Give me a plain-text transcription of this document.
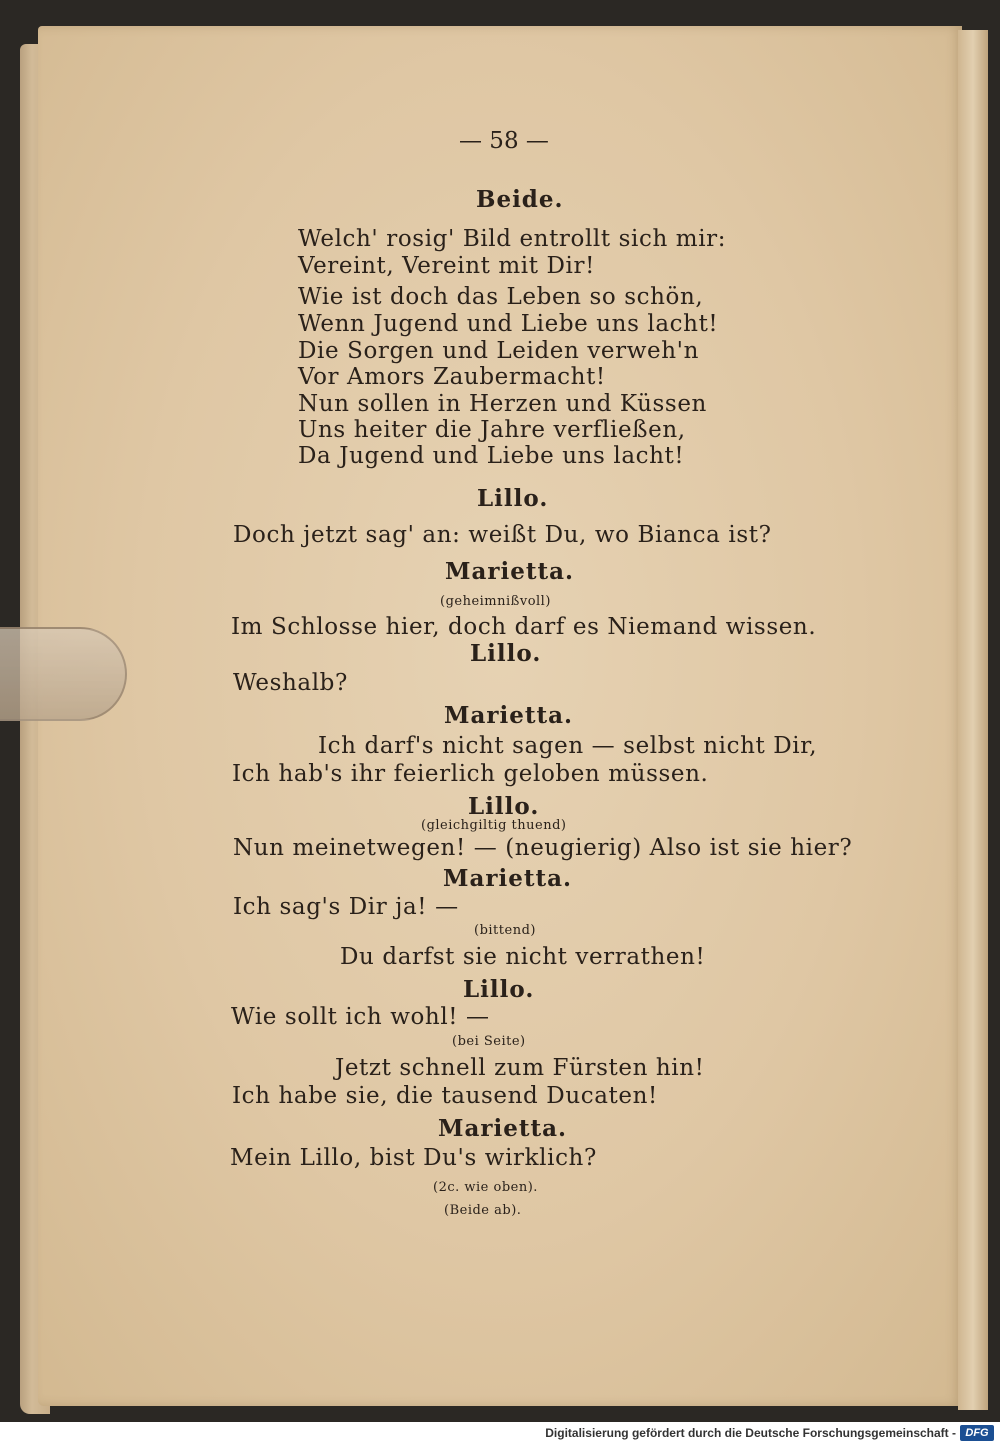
— 58 —
Beide.
Welch' rosig' Bild entrollt sich mir:
Vereint, Vereint mit Dir!
Wie ist doch das Leben so schön,
Wenn Jugend und Liebe uns lacht!
Die Sorgen und Leiden verweh'n
Vor Amors Zaubermacht!
Nun sollen in Herzen und Küssen
Uns heiter die Jahre verfließen,
Da Jugend und Liebe uns lacht!
Lillo.
Doch jetzt sag' an: weißt Du, wo Bianca ist?
Marietta.
(geheimnißvoll)
Im Schlosse hier, doch darf es Niemand wissen.
Lillo.
Weshalb?
Marietta.
Ich darf's nicht sagen — selbst nicht Dir,
Ich hab's ihr feierlich geloben müssen.
Lillo.
(gleichgiltig thuend)
Nun meinetwegen! — (neugierig) Also ist sie hier?
Marietta.
Ich sag's Dir ja! —
(bittend)
Du darfst sie nicht verrathen!
Lillo.
Wie sollt ich wohl! —
(bei Seite)
Jetzt schnell zum Fürsten hin!
Ich habe sie, die tausend Ducaten!
Marietta.
Mein Lillo, bist Du's wirklich?
(2c. wie oben).
(Beide ab).
Digitalisierung gefördert durch die Deutsche Forschungsgemeinschaft - DFG
